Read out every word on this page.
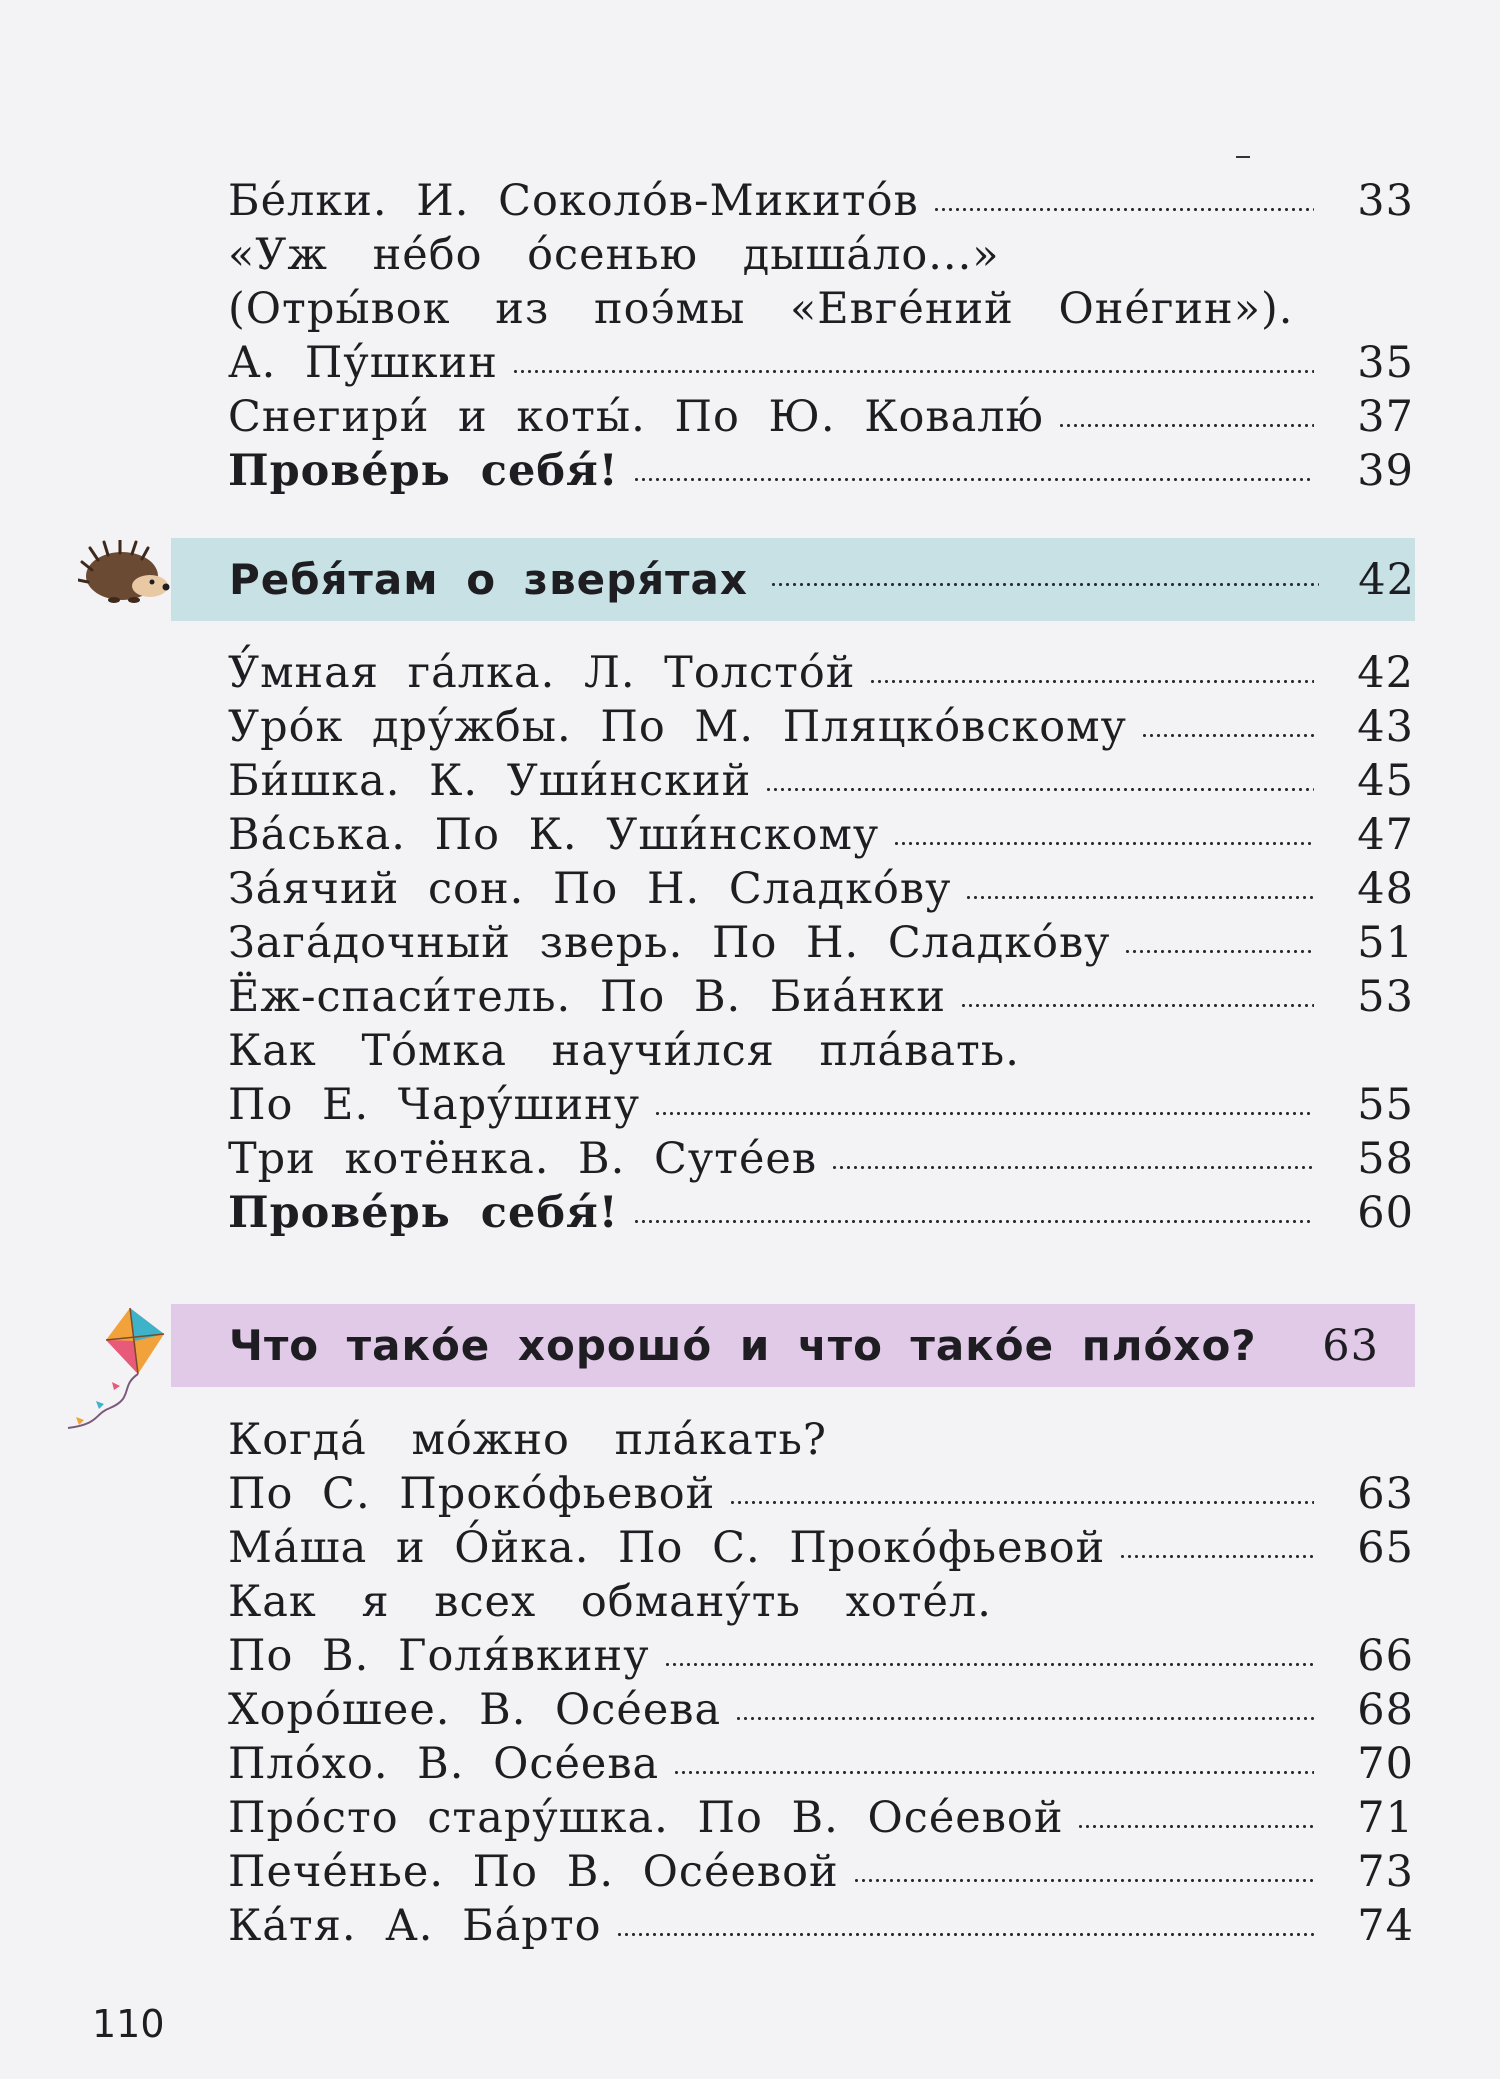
Бе́лки. И. Соколо́в-Микито́в	33
«Уж не́бо о́сенью дыша́ло...»
(Отры́вок из поэ́мы «Евге́ний Оне́гин»).
А. Пу́шкин	35
Снегири́ и коты́. По Ю. Ковалю́	37
Прове́рь себя́!	39
Ребя́там о зверя́тах	42
У́мная га́лка. Л. Толсто́й	42
Уро́к дру́жбы. По М. Пляцко́вскому	43
Би́шка. К. Уши́нский	45
Ва́ська. По К. Уши́нскому	47
За́ячий сон. По Н. Сладко́ву	48
Зага́дочный зверь. По Н. Сладко́ву	51
Ёж-спаси́тель. По В. Биа́нки	53
Как То́мка научи́лся пла́вать.
По Е. Чару́шину	55
Три котёнка. В. Суте́ев	58
Прове́рь себя́!	60
Что тако́е хорошо́ и что тако́е пло́хо? 63
Когда́ мо́жно пла́кать?
По С. Проко́фьевой	63
Ма́ша и О́йка. По С. Проко́фьевой	65
Как я всех обману́ть хоте́л.
По В. Голя́вкину	66
Хоро́шее. В. Осе́ева	68
Пло́хо. В. Осе́ева	70
Про́сто стару́шка. По В. Осе́евой	71
Пече́нье. По В. Осе́евой	73
Ка́тя. А. Ба́рто	74
110
